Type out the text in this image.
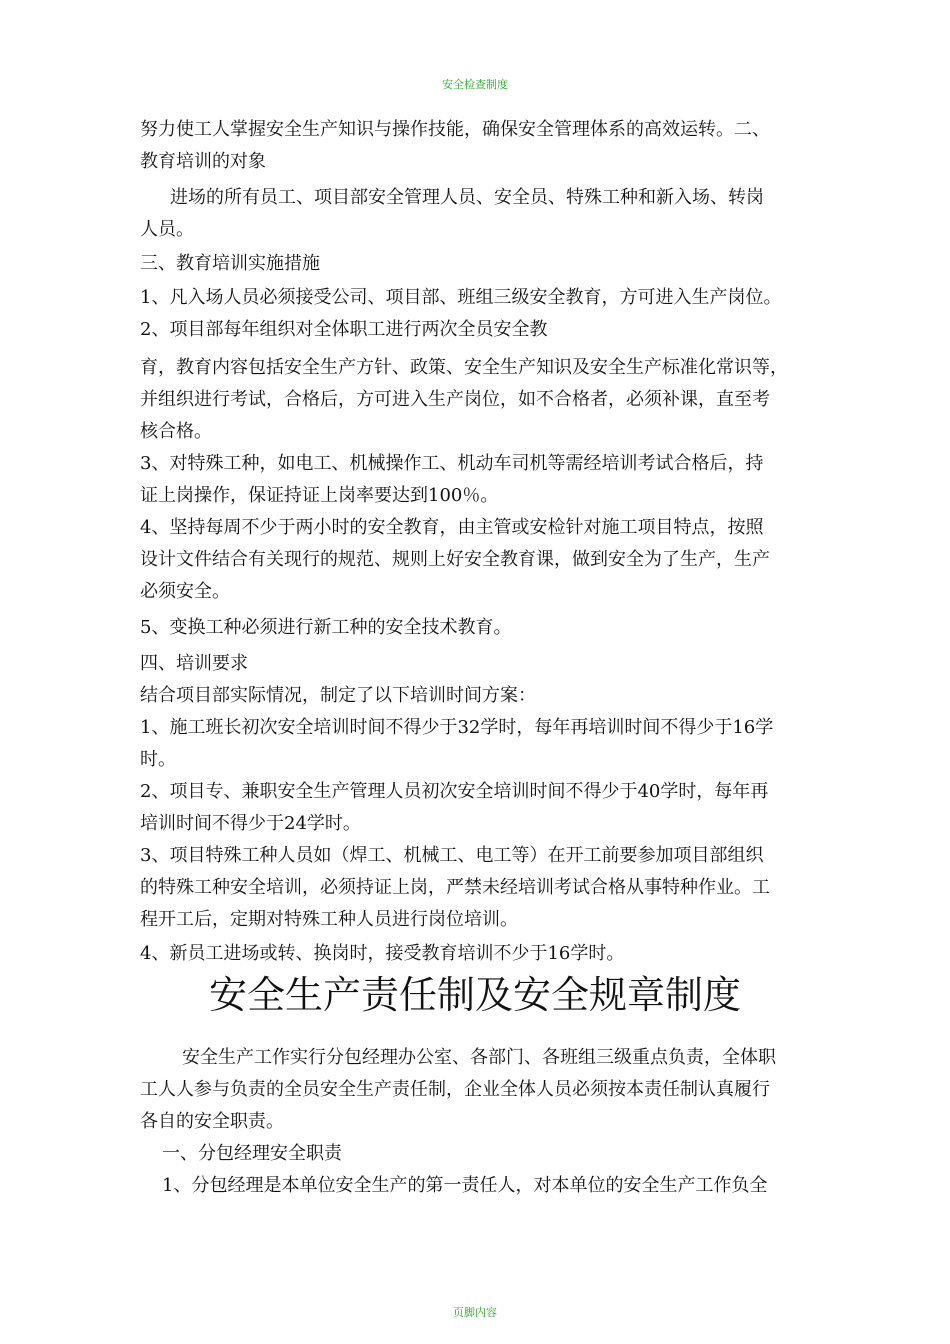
安全检查制度
努力使工人掌握安全生产知识与操作技能，确保安全管理体系的高效运转。二、
教育培训的对象
进场的所有员工、项目部安全管理人员、安全员、特殊工种和新入场、转岗
人员。
三、教育培训实施措施
1、凡入场人员必须接受公司、项目部、班组三级安全教育，方可进入生产岗位。
2、项目部每年组织对全体职工进行两次全员安全教
育，教育内容包括安全生产方针、政策、安全生产知识及安全生产标准化常识等，
并组织进行考试，合格后，方可进入生产岗位，如不合格者，必须补课，直至考
核合格。
3、对特殊工种，如电工、机械操作工、机动车司机等需经培训考试合格后，持
证上岗操作，保证持证上岗率要达到100％。
4、坚持每周不少于两小时的安全教育，由主管或安检针对施工项目特点，按照
设计文件结合有关现行的规范、规则上好安全教育课，做到安全为了生产，生产
必须安全。
5、变换工种必须进行新工种的安全技术教育。
四、培训要求
结合项目部实际情况，制定了以下培训时间方案：
1、施工班长初次安全培训时间不得少于32学时，每年再培训时间不得少于16学
时。
2、项目专、兼职安全生产管理人员初次安全培训时间不得少于40学时，每年再
培训时间不得少于24学时。
3、项目特殊工种人员如（焊工、机械工、电工等）在开工前要参加项目部组织
的特殊工种安全培训，必须持证上岗，严禁未经培训考试合格从事特种作业。工
程开工后，定期对特殊工种人员进行岗位培训。
4、新员工进场或转、换岗时，接受教育培训不少于16学时。
安全生产责任制及安全规章制度
安全生产工作实行分包经理办公室、各部门、各班组三级重点负责，全体职
工人人参与负责的全员安全生产责任制，企业全体人员必须按本责任制认真履行
各自的安全职责。
一、分包经理安全职责
1、分包经理是本单位安全生产的第一责任人，对本单位的安全生产工作负全
页脚内容
